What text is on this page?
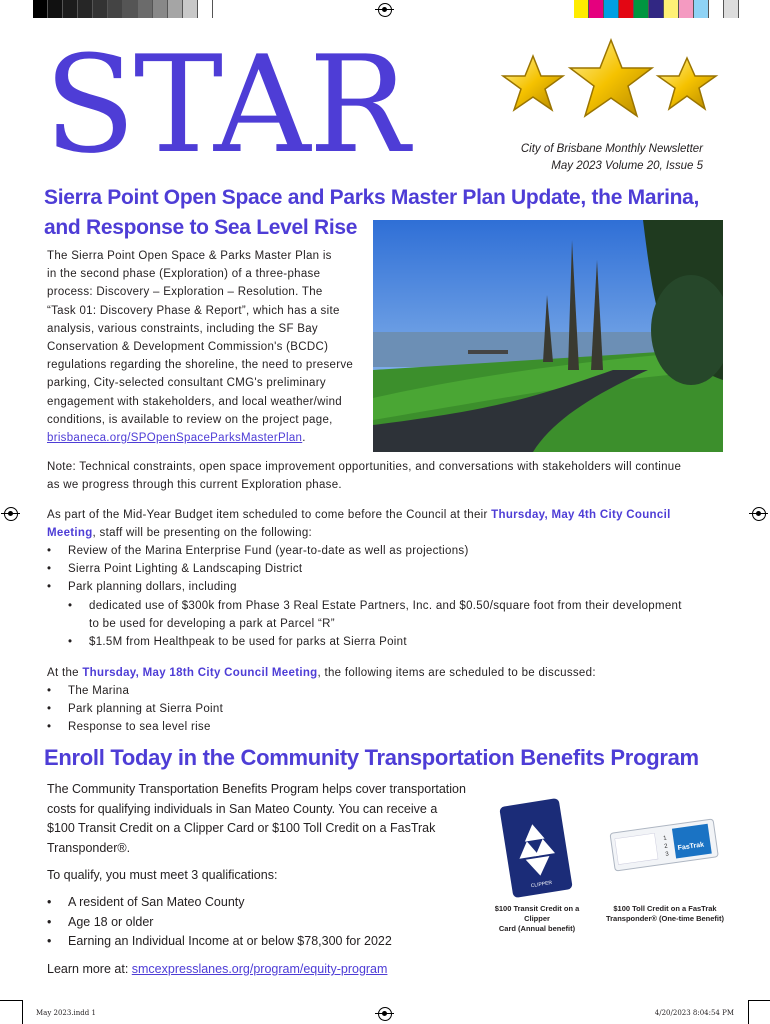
STAR	City of Brisbane Monthly Newsletter
May 2023 Volume 20, Issue 5
Sierra Point Open Space and Parks Master Plan Update, the Marina,
and Response to Sea Level Rise
The Sierra Point Open Space & Parks Master Plan is
in the second phase (Exploration) of a three-phase
process: Discovery – Exploration – Resolution. The
“Task 01: Discovery Phase & Report”, which has a site
analysis, various constraints, including the SF Bay
Conservation & Development Commission's (BCDC)
regulations regarding the shoreline, the need to preserve
parking, City-selected consultant CMG's preliminary
engagement with stakeholders, and local weather/wind
conditions, is available to review on the project page,
brisbaneca.org/SPOpenSpaceParksMasterPlan.
Note: Technical constraints, open space improvement opportunities, and conversations with stakeholders will continue
as we progress through this current Exploration phase.
As part of the Mid-Year Budget item scheduled to come before the Council at their Thursday, May 4th City Council
Meeting, staff will be presenting on the following:
• Review of the Marina Enterprise Fund (year-to-date as well as projections)
• Sierra Point Lighting & Landscaping District
• Park planning dollars, including
• dedicated use of $300k from Phase 3 Real Estate Partners, Inc. and $0.50/square foot from their development
to be used for developing a park at Parcel “R”
• $1.5M from Healthpeak to be used for parks at Sierra Point
At the Thursday, May 18th City Council Meeting, the following items are scheduled to be discussed:
• The Marina
• Park planning at Sierra Point
• Response to sea level rise
Enroll Today in the Community Transportation Benefits Program
The Community Transportation Benefits Program helps cover transportation
costs for qualifying individuals in San Mateo County. You can receive a
$100 Transit Credit on a Clipper Card or $100 Toll Credit on a FasTrak
Transponder®.
To qualify, you must meet 3 qualifications:
• A resident of San Mateo County
• Age 18 or older
• Earning an Individual Income at or below $78,300 for 2022
Learn more at: smcexpresslanes.org/program/equity-program
CLIPPER
1
2
3
FasTrak
$100 Transit Credit on a Clipper
Card (Annual benefit)
$100 Toll Credit on a FasTrak
Transponder® (One-time Benefit)
May 2023.indd 1	4/20/2023 8:04:54 PM
